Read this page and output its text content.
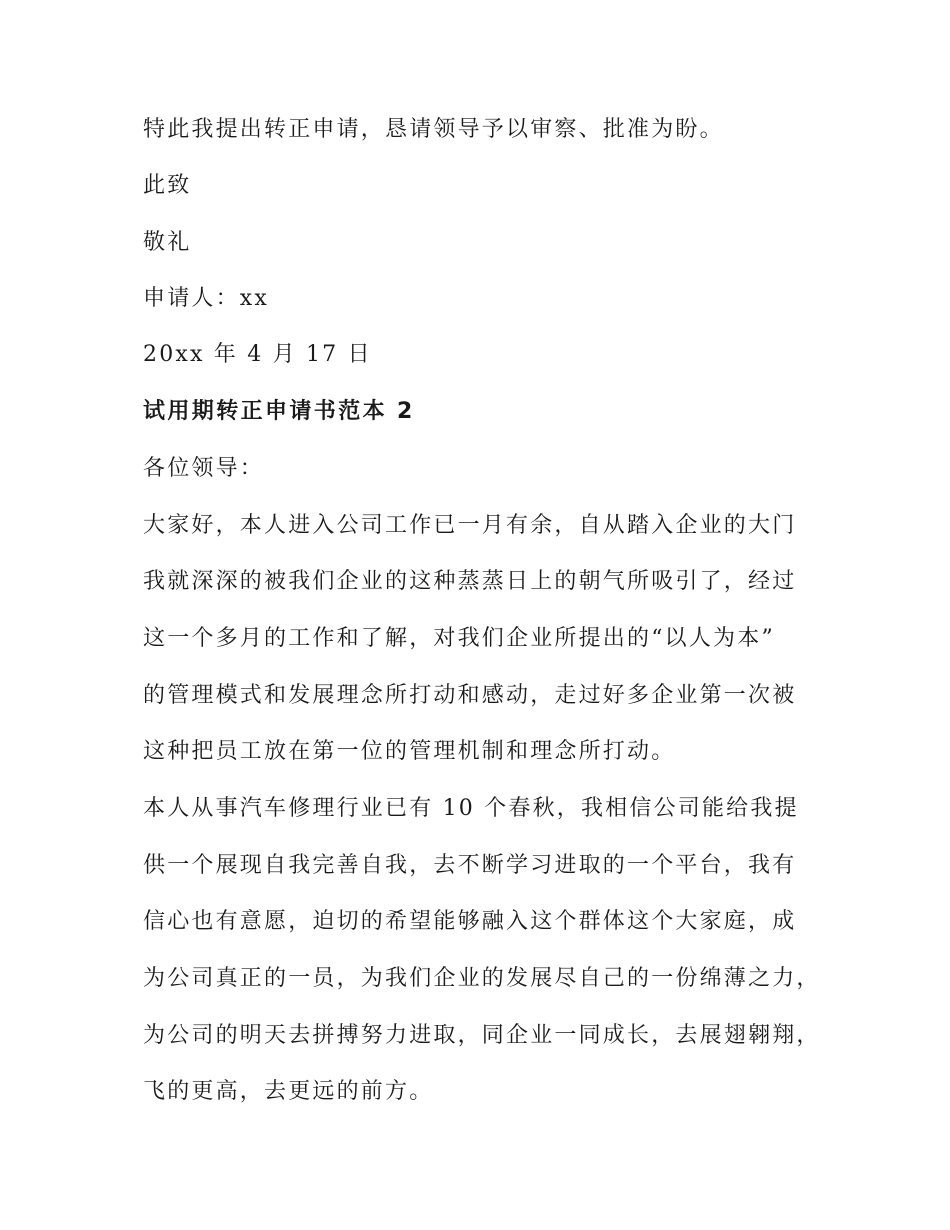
特此我提出转正申请，恳请领导予以审察、批准为盼。

此致

敬礼

申请人：xx

20xx 年 4 月 17 日

试用期转正申请书范本 2

各位领导：

大家好，本人进入公司工作已一月有余，自从踏入企业的大门

我就深深的被我们企业的这种蒸蒸日上的朝气所吸引了，经过

这一个多月的工作和了解，对我们企业所提出的“以人为本”

的管理模式和发展理念所打动和感动，走过好多企业第一次被

这种把员工放在第一位的管理机制和理念所打动。

本人从事汽车修理行业已有 10 个春秋，我相信公司能给我提

供一个展现自我完善自我，去不断学习进取的一个平台，我有

信心也有意愿，迫切的希望能够融入这个群体这个大家庭，成

为公司真正的一员，为我们企业的发展尽自己的一份绵薄之力，

为公司的明天去拼搏努力进取，同企业一同成长，去展翅翱翔，

飞的更高，去更远的前方。
